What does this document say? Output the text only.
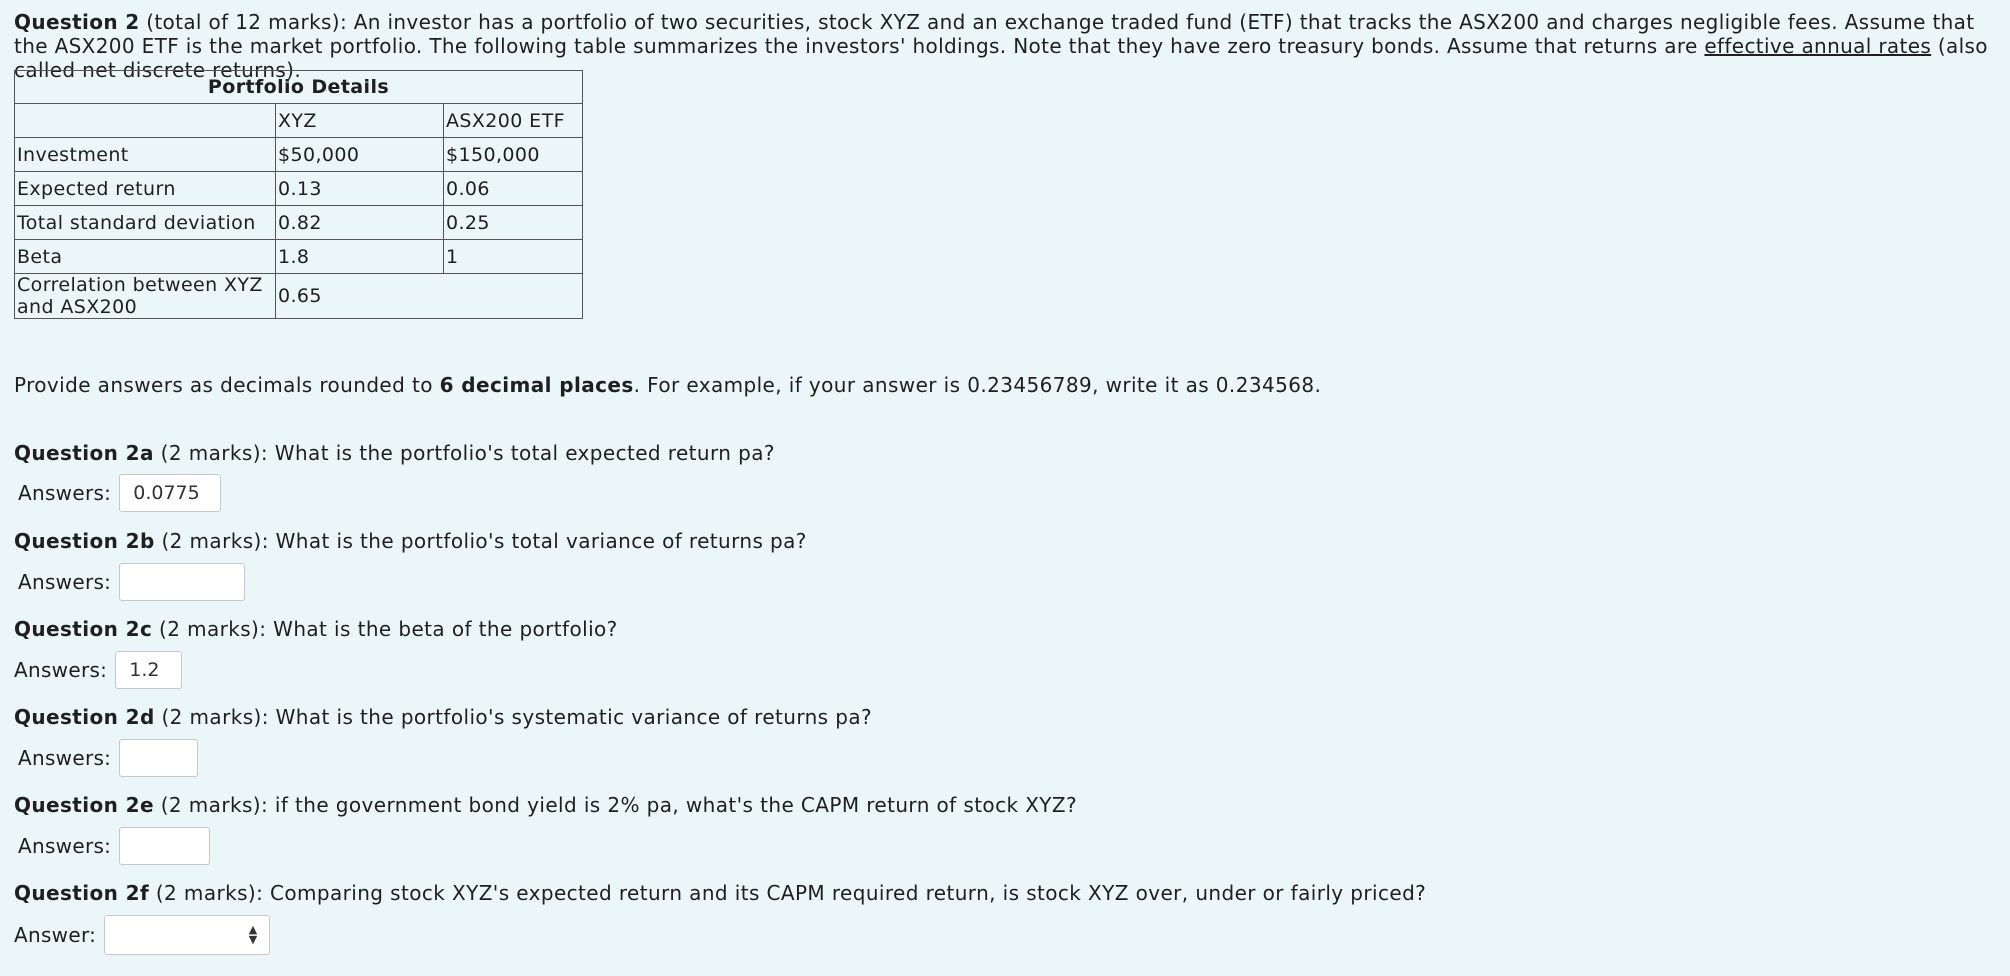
Question 2 (total of 12 marks): An investor has a portfolio of two securities, stock XYZ and an exchange traded fund (ETF) that tracks the ASX200 and charges negligible fees. Assume that the ASX200 ETF is the market portfolio. The following table summarizes the investors' holdings. Note that they have zero treasury bonds. Assume that returns are effective annual rates (also
Portfolio Details
	XYZ	ASX200 ETF
Investment	$50,000	$150,000
Expected return	0.13	0.06
Total standard deviation	0.82	0.25
Beta	1.8	1
Correlation between XYZ and ASX200	0.65	
Provide answers as decimals rounded to 6 decimal places. For example, if your answer is 0.23456789, write it as 0.234568.
Question 2a (2 marks): What is the portfolio's total expected return pa?
Answers:
0.0775
Question 2b (2 marks): What is the portfolio's total variance of returns pa?
Answers:
Question 2c (2 marks): What is the beta of the portfolio?
Answers:
1.2
Question 2d (2 marks): What is the portfolio's systematic variance of returns pa?
Answers:
Question 2e (2 marks): if the government bond yield is 2% pa, what's the CAPM return of stock XYZ?
Answers:
Question 2f (2 marks): Comparing stock XYZ's expected return and its CAPM required return, is stock XYZ over, under or fairly priced?
Answer:	▲
▼
